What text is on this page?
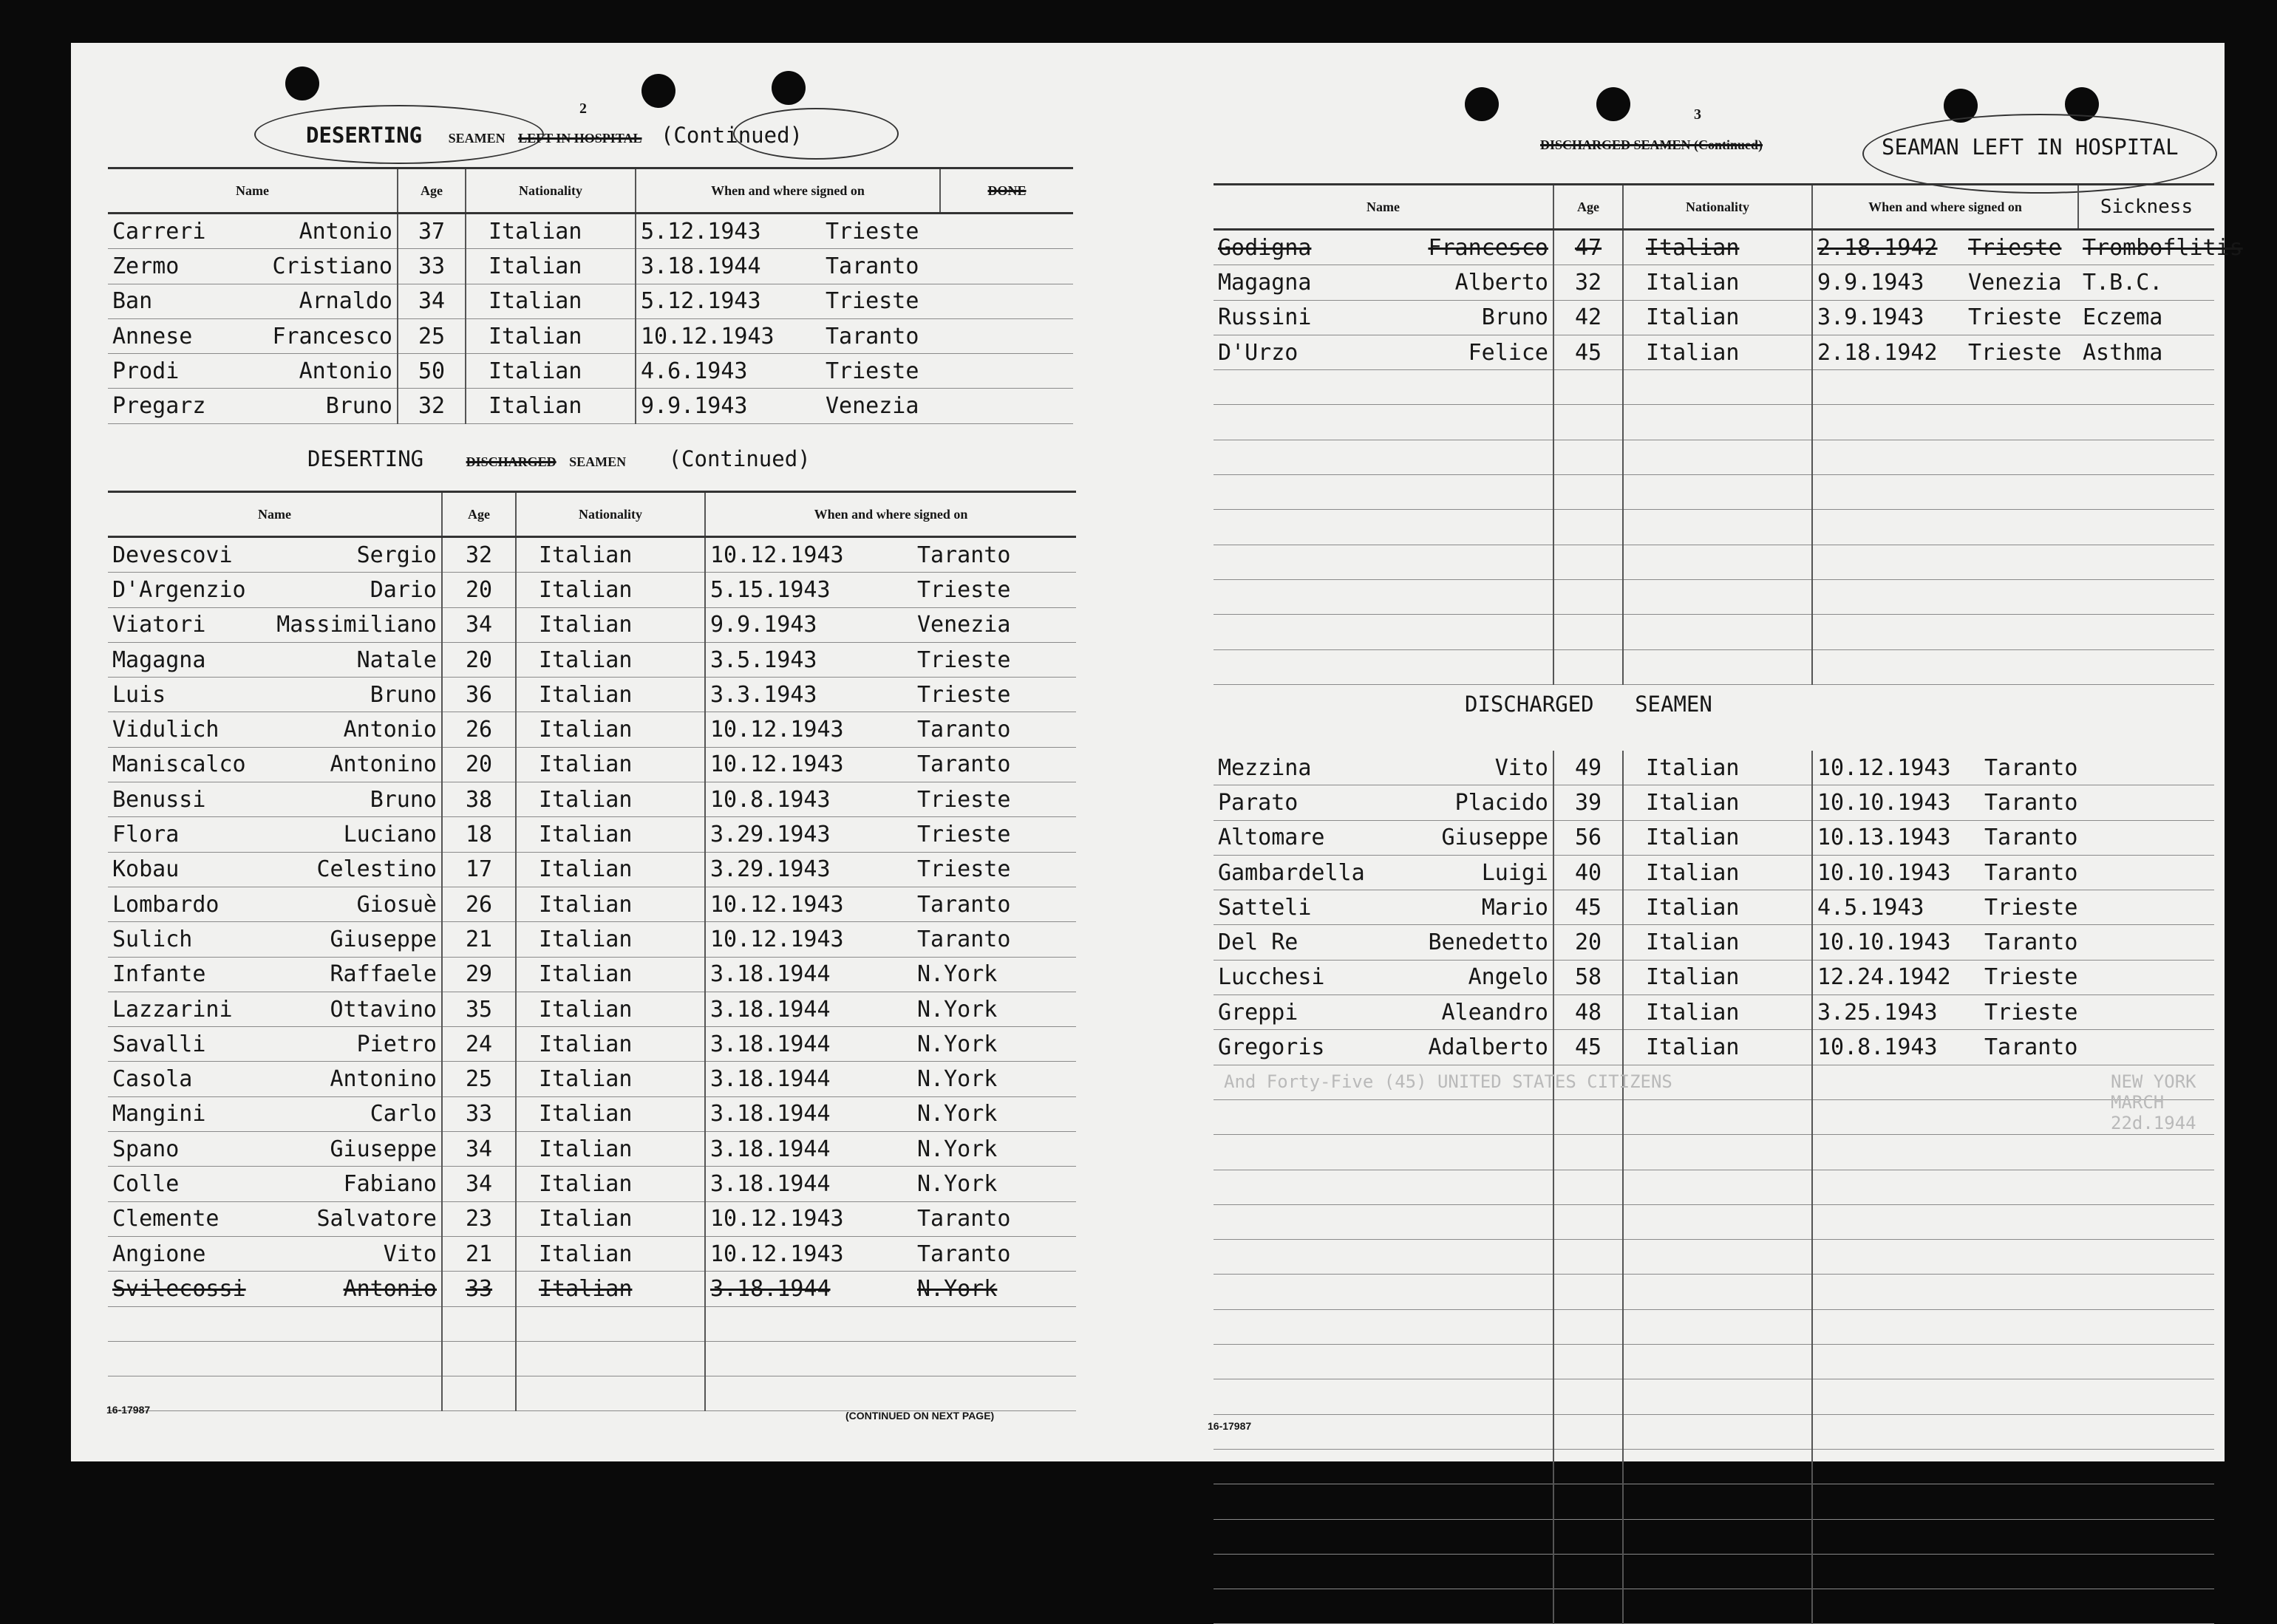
2
DESERTING SEAMEN LEFT IN HOSPITAL (Continued)
Name	Age	Nationality	When and where signed on	DONE

Carreri Antonio	37	Italian	5.12.1943 Trieste	

Zermo Cristiano	33	Italian	3.18.1944 Taranto	

Ban Arnaldo	34	Italian	5.12.1943 Trieste	

Annese Francesco	25	Italian	10.12.1943 Taranto	

Prodi Antonio	50	Italian	4.6.1943 Trieste	

Pregarz Bruno	32	Italian	9.9.1943 Venezia	

DESERTING	DISCHARGED SEAMEN (Continued)
Name	Age	Nationality	When and where signed on

Devescovi Sergio	32	Italian	10.12.1943 Taranto

D'Argenzio Dario	20	Italian	5.15.1943 Trieste

Viatori Massimiliano	34	Italian	9.9.1943 Venezia

Magagna Natale	20	Italian	3.5.1943 Trieste

Luis Bruno	36	Italian	3.3.1943 Trieste

Vidulich Antonio	26	Italian	10.12.1943 Taranto

Maniscalco Antonino	20	Italian	10.12.1943 Taranto

Benussi Bruno	38	Italian	10.8.1943 Trieste

Flora Luciano	18	Italian	3.29.1943 Trieste

Kobau Celestino	17	Italian	3.29.1943 Trieste

Lombardo Giosuè	26	Italian	10.12.1943 Taranto

Sulich Giuseppe	21	Italian	10.12.1943 Taranto

Infante Raffaele	29	Italian	3.18.1944 N.York

Lazzarini Ottavino	35	Italian	3.18.1944 N.York

Savalli Pietro	24	Italian	3.18.1944 N.York

Casola Antonino	25	Italian	3.18.1944 N.York

Mangini Carlo	33	Italian	3.18.1944 N.York

Spano Giuseppe	34	Italian	3.18.1944 N.York

Colle Fabiano	34	Italian	3.18.1944 N.York

Clemente Salvatore	23	Italian	10.12.1943 Taranto

Angione Vito	21	Italian	10.12.1943 Taranto

Svilecossi Antonio	33	Italian	3.18.1944 N.York

16-17987	(CONTINUED ON NEXT PAGE)
3
DISCHARGED SEAMEN (Continued)	SEAMAN LEFT IN HOSPITAL
Name	Age	Nationality	When and where signed on	Sickness

Godigna Francesco	47	Italian	2.18.1942 Trieste	Tromboflitis

Magagna Alberto	32	Italian	9.9.1943 Venezia	T.B.C.

Russini Bruno	42	Italian	3.9.1943 Trieste	Eczema

D'Urzo Felice	45	Italian	2.18.1942 Trieste	Asthma

DISCHARGED SEAMEN
Mezzina Vito	49	Italian	10.12.1943 Taranto

Parato Placido	39	Italian	10.10.1943 Taranto

Altomare Giuseppe	56	Italian	10.13.1943 Taranto

Gambardella Luigi	40	Italian	10.10.1943 Taranto

Satteli Mario	45	Italian	4.5.1943 Trieste

Del Re Benedetto	20	Italian	10.10.1943 Taranto

Lucchesi Angelo	58	Italian	12.24.1942 Trieste

Greppi Aleandro	48	Italian	3.25.1943 Trieste

Gregoris Adalberto	45	Italian	10.8.1943 Taranto

And Forty-Five (45) UNITED STATES CITIZENS	NEW YORK MARCH 22d.1944
16-17987
